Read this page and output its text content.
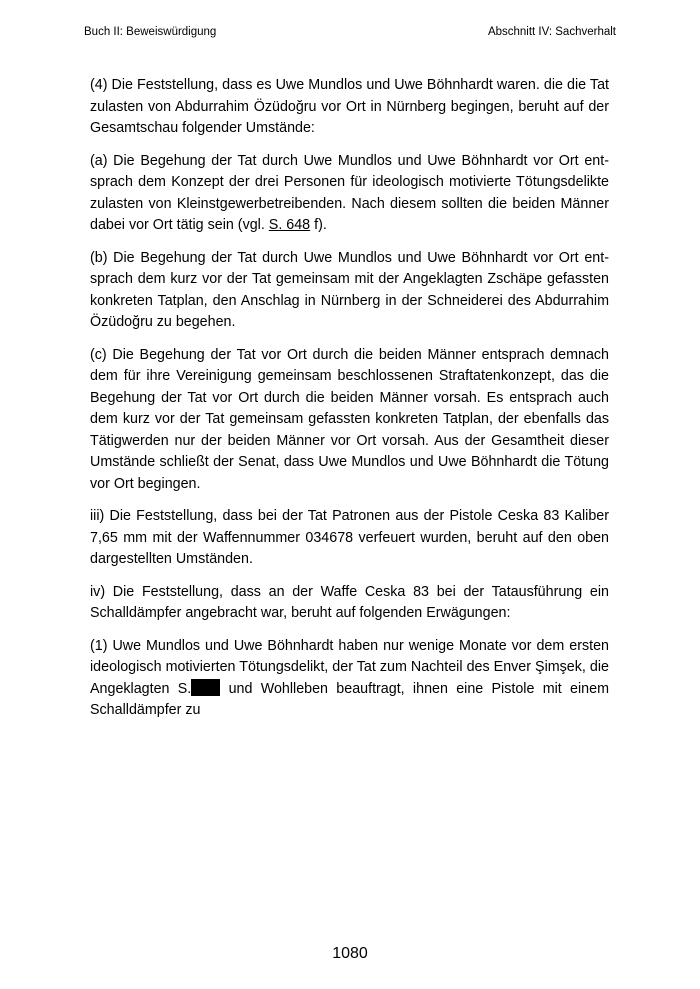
Buch II: Beweiswürdigung	Abschnitt IV: Sachverhalt

(4) Die Feststellung, dass es Uwe Mundlos und Uwe Böhnhardt waren. die die Tat zulasten von Abdurrahim Özüdoğru vor Ort in Nürnberg begingen, beruht auf der Gesamtschau folgender Umstände:

(a) Die Begehung der Tat durch Uwe Mundlos und Uwe Böhnhardt vor Ort entsprach dem Konzept der drei Personen für ideologisch motivierte Tötungsdelikte zulasten von Kleinstgewerbetreibenden. Nach diesem sollten die beiden Männer dabei vor Ort tätig sein (vgl. S. 648 f).

(b) Die Begehung der Tat durch Uwe Mundlos und Uwe Böhnhardt vor Ort entsprach dem kurz vor der Tat gemeinsam mit der Angeklagten Zschäpe gefassten konkreten Tatplan, den Anschlag in Nürnberg in der Schneiderei des Abdurrahim Özüdoğru zu begehen.

(c) Die Begehung der Tat vor Ort durch die beiden Männer entsprach demnach dem für ihre Vereinigung gemeinsam beschlossenen Straftatenkonzept, das die Begehung der Tat vor Ort durch die beiden Männer vorsah. Es entsprach auch dem kurz vor der Tat gemeinsam gefassten konkreten Tatplan, der ebenfalls das Tätigwerden nur der beiden Männer vor Ort vorsah. Aus der Gesamtheit dieser Umstände schließt der Senat, dass Uwe Mundlos und Uwe Böhnhardt die Tötung vor Ort begingen.

iii) Die Feststellung, dass bei der Tat Patronen aus der Pistole Ceska 83 Kaliber 7,65 mm mit der Waffennummer 034678 verfeuert wurden, beruht auf den oben dargestellten Umständen.

iv) Die Feststellung, dass an der Waffe Ceska 83 bei der Tatausführung ein Schalldämpfer angebracht war, beruht auf folgenden Erwägungen:

(1) Uwe Mundlos und Uwe Böhnhardt haben nur wenige Monate vor dem ersten ideologisch motivierten Tötungsdelikt, der Tat zum Nachteil des Enver Şimşek, die Angeklagten S. und Wohlleben beauftragt, ihnen eine Pistole mit einem Schalldämpfer zu

1080
